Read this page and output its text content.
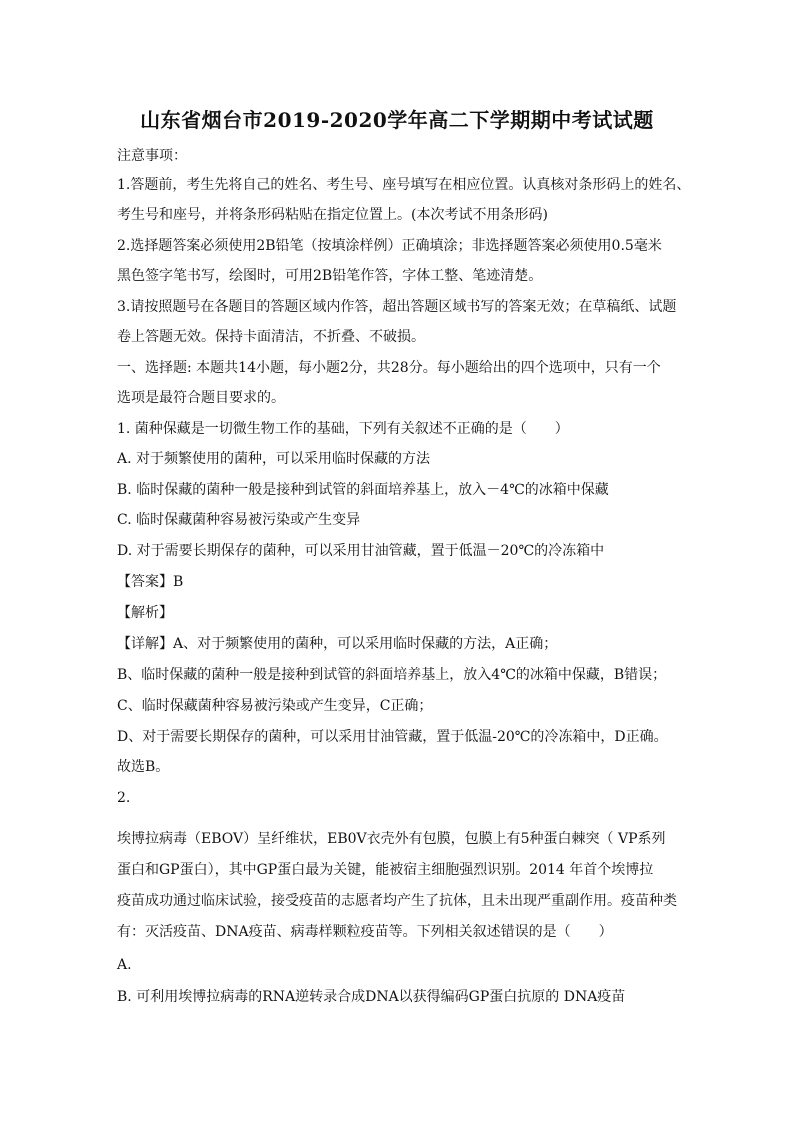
山东省烟台市2019-2020学年高二下学期期中考试试题
注意事项：
1.答题前，考生先将自己的姓名、考生号、座号填写在相应位置。认真核对条形码上的姓名、
考生号和座号，并将条形码粘贴在指定位置上。(本次考试不用条形码)
2.选择题答案必须使用2B铅笔（按填涂样例）正确填涂；非选择题答案必须使用0.5毫米
黑色签字笔书写，绘图时，可用2B铅笔作答，字体工整、笔迹清楚。
3.请按照题号在各题目的答题区域内作答，超出答题区域书写的答案无效；在草稿纸、试题
卷上答题无效。保持卡面清洁，不折叠、不破损。
一、选择题: 本题共14小题，每小题2分，共28分。每小题给出的四个选项中，只有一个
选项是最符合题目要求的。
1. 菌种保藏是一切微生物工作的基础，下列有关叙述不正确的是（　　）
A. 对于频繁使用的菌种，可以采用临时保藏的方法
B. 临时保藏的菌种一般是接种到试管的斜面培养基上，放入－4℃的冰箱中保藏
C. 临时保藏菌种容易被污染或产生变异
D. 对于需要长期保存的菌种，可以采用甘油管藏，置于低温－20℃的冷冻箱中
【答案】B
【解析】
【详解】A、对于频繁使用的菌种，可以采用临时保藏的方法，A正确；
B、临时保藏的菌种一般是接种到试管的斜面培养基上，放入4℃的冰箱中保藏，B错误；
C、临时保藏菌种容易被污染或产生变异，C正确；
D、对于需要长期保存的菌种，可以采用甘油管藏，置于低温-20℃的冷冻箱中，D正确。
故选B。
2.
埃博拉病毒（EBOV）呈纤维状，EB0V衣壳外有包膜，包膜上有5种蛋白棘突（ VP系列
蛋白和GP蛋白），其中GP蛋白最为关键，能被宿主细胞强烈识别。2014 年首个埃博拉
疫苗成功通过临床试验，接受疫苗的志愿者均产生了抗体，且未出现严重副作用。疫苗种类
有：灭活疫苗、DNA疫苗、病毒样颗粒疫苗等。下列相关叙述错误的是（　　）
A.
B. 可利用埃博拉病毒的RNA逆转录合成DNA以获得编码GP蛋白抗原的 DNA疫苗
